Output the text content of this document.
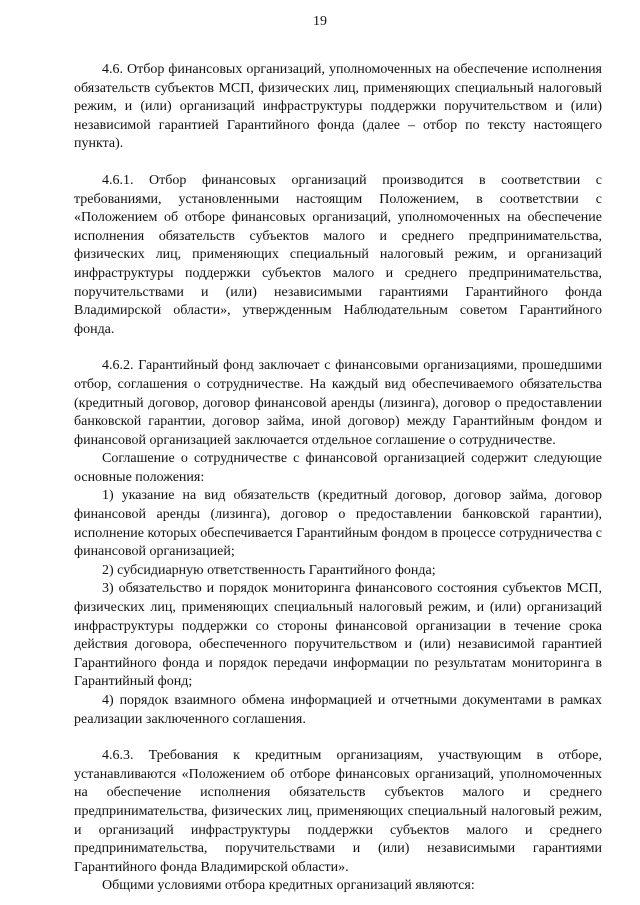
19

4.6. Отбор финансовых организаций, уполномоченных на обеспечение исполнения обязательств субъектов МСП, физических лиц, применяющих специальный налоговый режим, и (или) организаций инфраструктуры поддержки поручительством и (или) независимой гарантией Гарантийного фонда (далее – отбор по тексту настоящего пункта).

4.6.1. Отбор финансовых организаций производится в соответствии с требованиями, установленными настоящим Положением, в соответствии с «Положением об отборе финансовых организаций, уполномоченных на обеспечение исполнения обязательств субъектов малого и среднего предпринимательства, физических лиц, применяющих специальный налоговый режим, и организаций инфраструктуры поддержки субъектов малого и среднего предпринимательства, поручительствами и (или) независимыми гарантиями Гарантийного фонда Владимирской области», утвержденным Наблюдательным советом Гарантийного фонда.

4.6.2. Гарантийный фонд заключает с финансовыми организациями, прошедшими отбор, соглашения о сотрудничестве. На каждый вид обеспечиваемого обязательства (кредитный договор, договор финансовой аренды (лизинга), договор о предоставлении банковской гарантии, договор займа, иной договор) между Гарантийным фондом и финансовой организацией заключается отдельное соглашение о сотрудничестве.

Соглашение о сотрудничестве с финансовой организацией содержит следующие основные положения:

1) указание на вид обязательств (кредитный договор, договор займа, договор финансовой аренды (лизинга), договор о предоставлении банковской гарантии), исполнение которых обеспечивается Гарантийным фондом в процессе сотрудничества с финансовой организацией;

2) субсидиарную ответственность Гарантийного фонда;

3) обязательство и порядок мониторинга финансового состояния субъектов МСП, физических лиц, применяющих специальный налоговый режим, и (или) организаций инфраструктуры поддержки со стороны финансовой организации в течение срока действия договора, обеспеченного поручительством и (или) независимой гарантией Гарантийного фонда и порядок передачи информации по результатам мониторинга в Гарантийный фонд;

4) порядок взаимного обмена информацией и отчетными документами в рамках реализации заключенного соглашения.

4.6.3. Требования к кредитным организациям, участвующим в отборе, устанавливаются «Положением об отборе финансовых организаций, уполномоченных на обеспечение исполнения обязательств субъектов малого и среднего предпринимательства, физических лиц, применяющих специальный налоговый режим, и организаций инфраструктуры поддержки субъектов малого и среднего предпринимательства, поручительствами и (или) независимыми гарантиями Гарантийного фонда Владимирской области».

Общими условиями отбора кредитных организаций являются:
